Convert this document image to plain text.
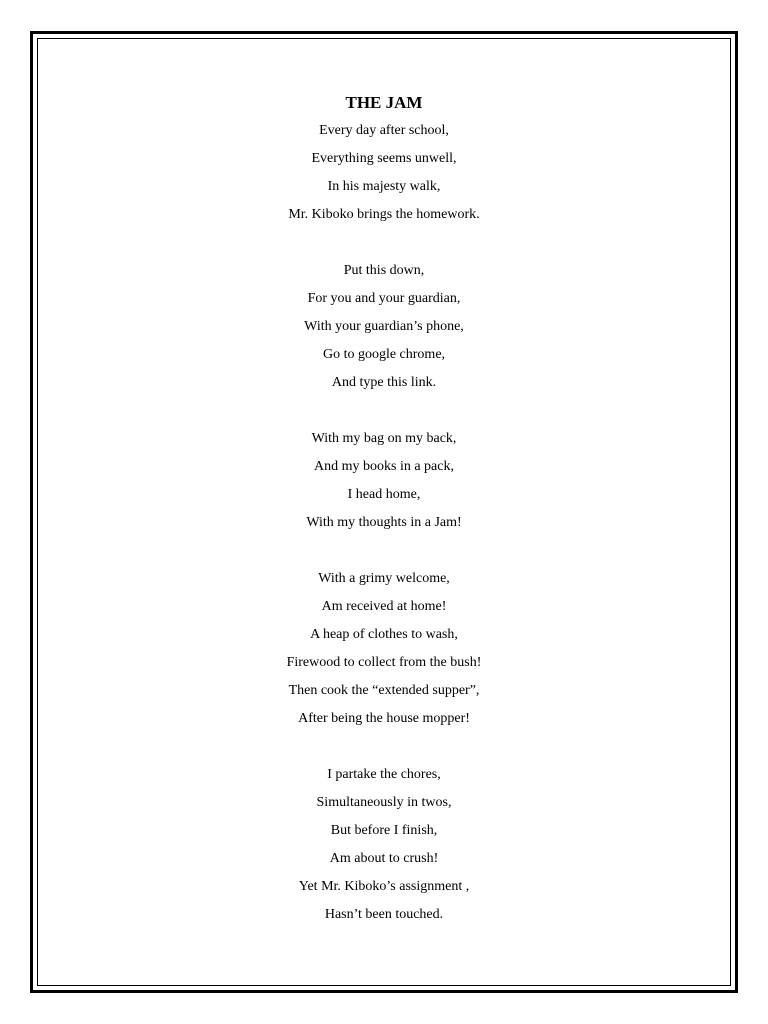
THE JAM
Every day after school,
Everything seems unwell,
In his majesty walk,
Mr. Kiboko brings the homework.
Put this down,
For you and your guardian,
With your guardian’s phone,
Go to google chrome,
And type this link.
With my bag on my back,
And my books in a pack,
I head home,
With my thoughts in a Jam!
With a grimy welcome,
Am received at home!
A heap of clothes to wash,
Firewood to collect from the bush!
Then cook the “extended supper”,
After being the house mopper!
I partake the chores,
Simultaneously in twos,
But before I finish,
Am about to crush!
Yet Mr. Kiboko’s assignment ,
Hasn’t been touched.
